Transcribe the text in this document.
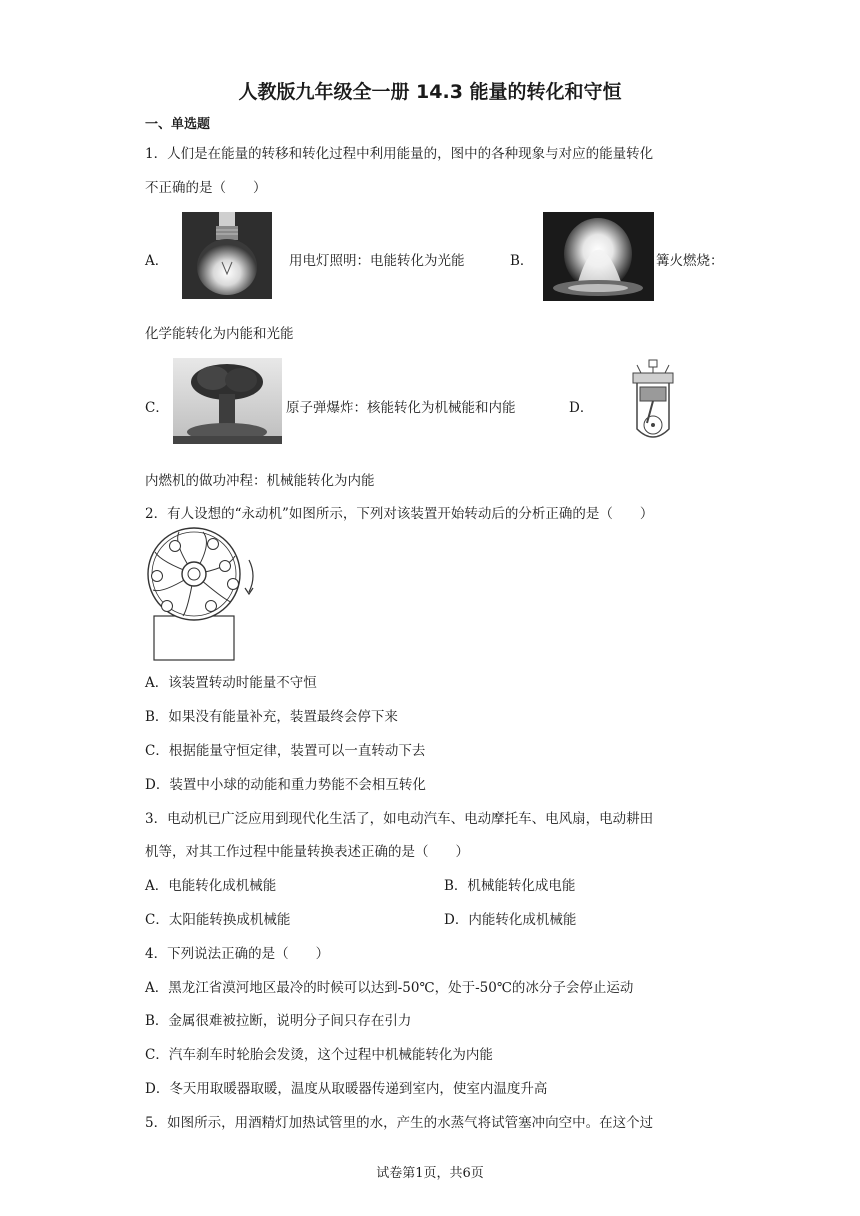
人教版九年级全一册 14.3 能量的转化和守恒
一、单选题
1．人们是在能量的转移和转化过程中利用能量的，图中的各种现象与对应的能量转化
不正确的是（　　）
A．	用电灯照明：电能转化为光能	B．	篝火燃烧：
化学能转化为内能和光能
C．	原子弹爆炸：核能转化为机械能和内能	D．
内燃机的做功冲程：机械能转化为内能
2．有人设想的“永动机”如图所示，下列对该装置开始转动后的分析正确的是（　　）
A．该装置转动时能量不守恒
B．如果没有能量补充，装置最终会停下来
C．根据能量守恒定律，装置可以一直转动下去
D．装置中小球的动能和重力势能不会相互转化
3．电动机已广泛应用到现代化生活了，如电动汽车、电动摩托车、电风扇，电动耕田
机等，对其工作过程中能量转换表述正确的是（　　）
A．电能转化成机械能	B．机械能转化成电能
C．太阳能转换成机械能	D．内能转化成机械能
4．下列说法正确的是（　　）
A．黑龙江省漠河地区最冷的时候可以达到-50℃，处于-50℃的冰分子会停止运动
B．金属很难被拉断，说明分子间只存在引力
C．汽车刹车时轮胎会发烫，这个过程中机械能转化为内能
D．冬天用取暖器取暖，温度从取暖器传递到室内，使室内温度升高
5．如图所示，用酒精灯加热试管里的水，产生的水蒸气将试管塞冲向空中。在这个过
试卷第1页，共6页
